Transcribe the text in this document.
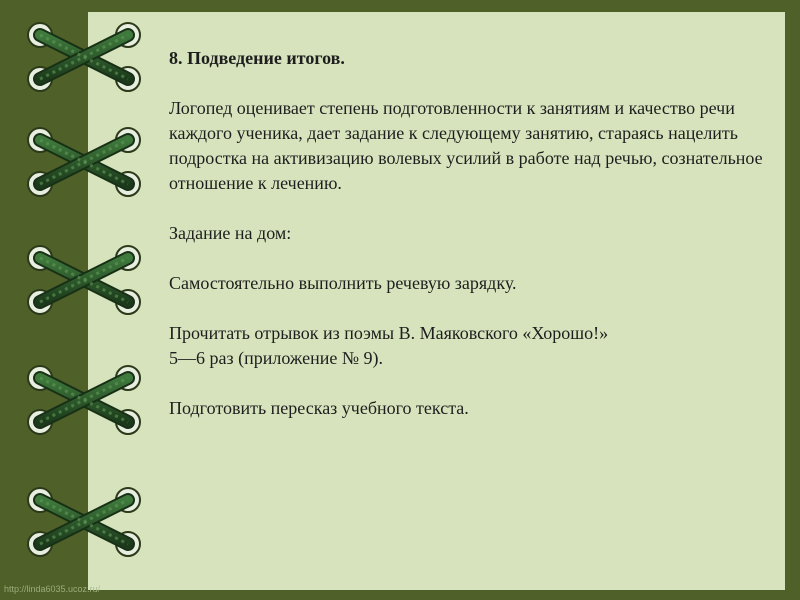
8. Подведение итогов.

Логопед оценивает степень подготовленности к занятиям и качество речи каждого ученика, дает задание к следующему занятию, стараясь нацелить подростка на активизацию волевых усилий в работе над речью, сознательное отношение к лечению.

Задание на дом:

Самостоятельно выполнить речевую зарядку.

Прочитать отрывок из поэмы В. Маяковского «Хорошо!»

5—6 раз (приложение № 9).

Подготовить пересказ учебного текста.

http://linda6035.ucoz.ru/
